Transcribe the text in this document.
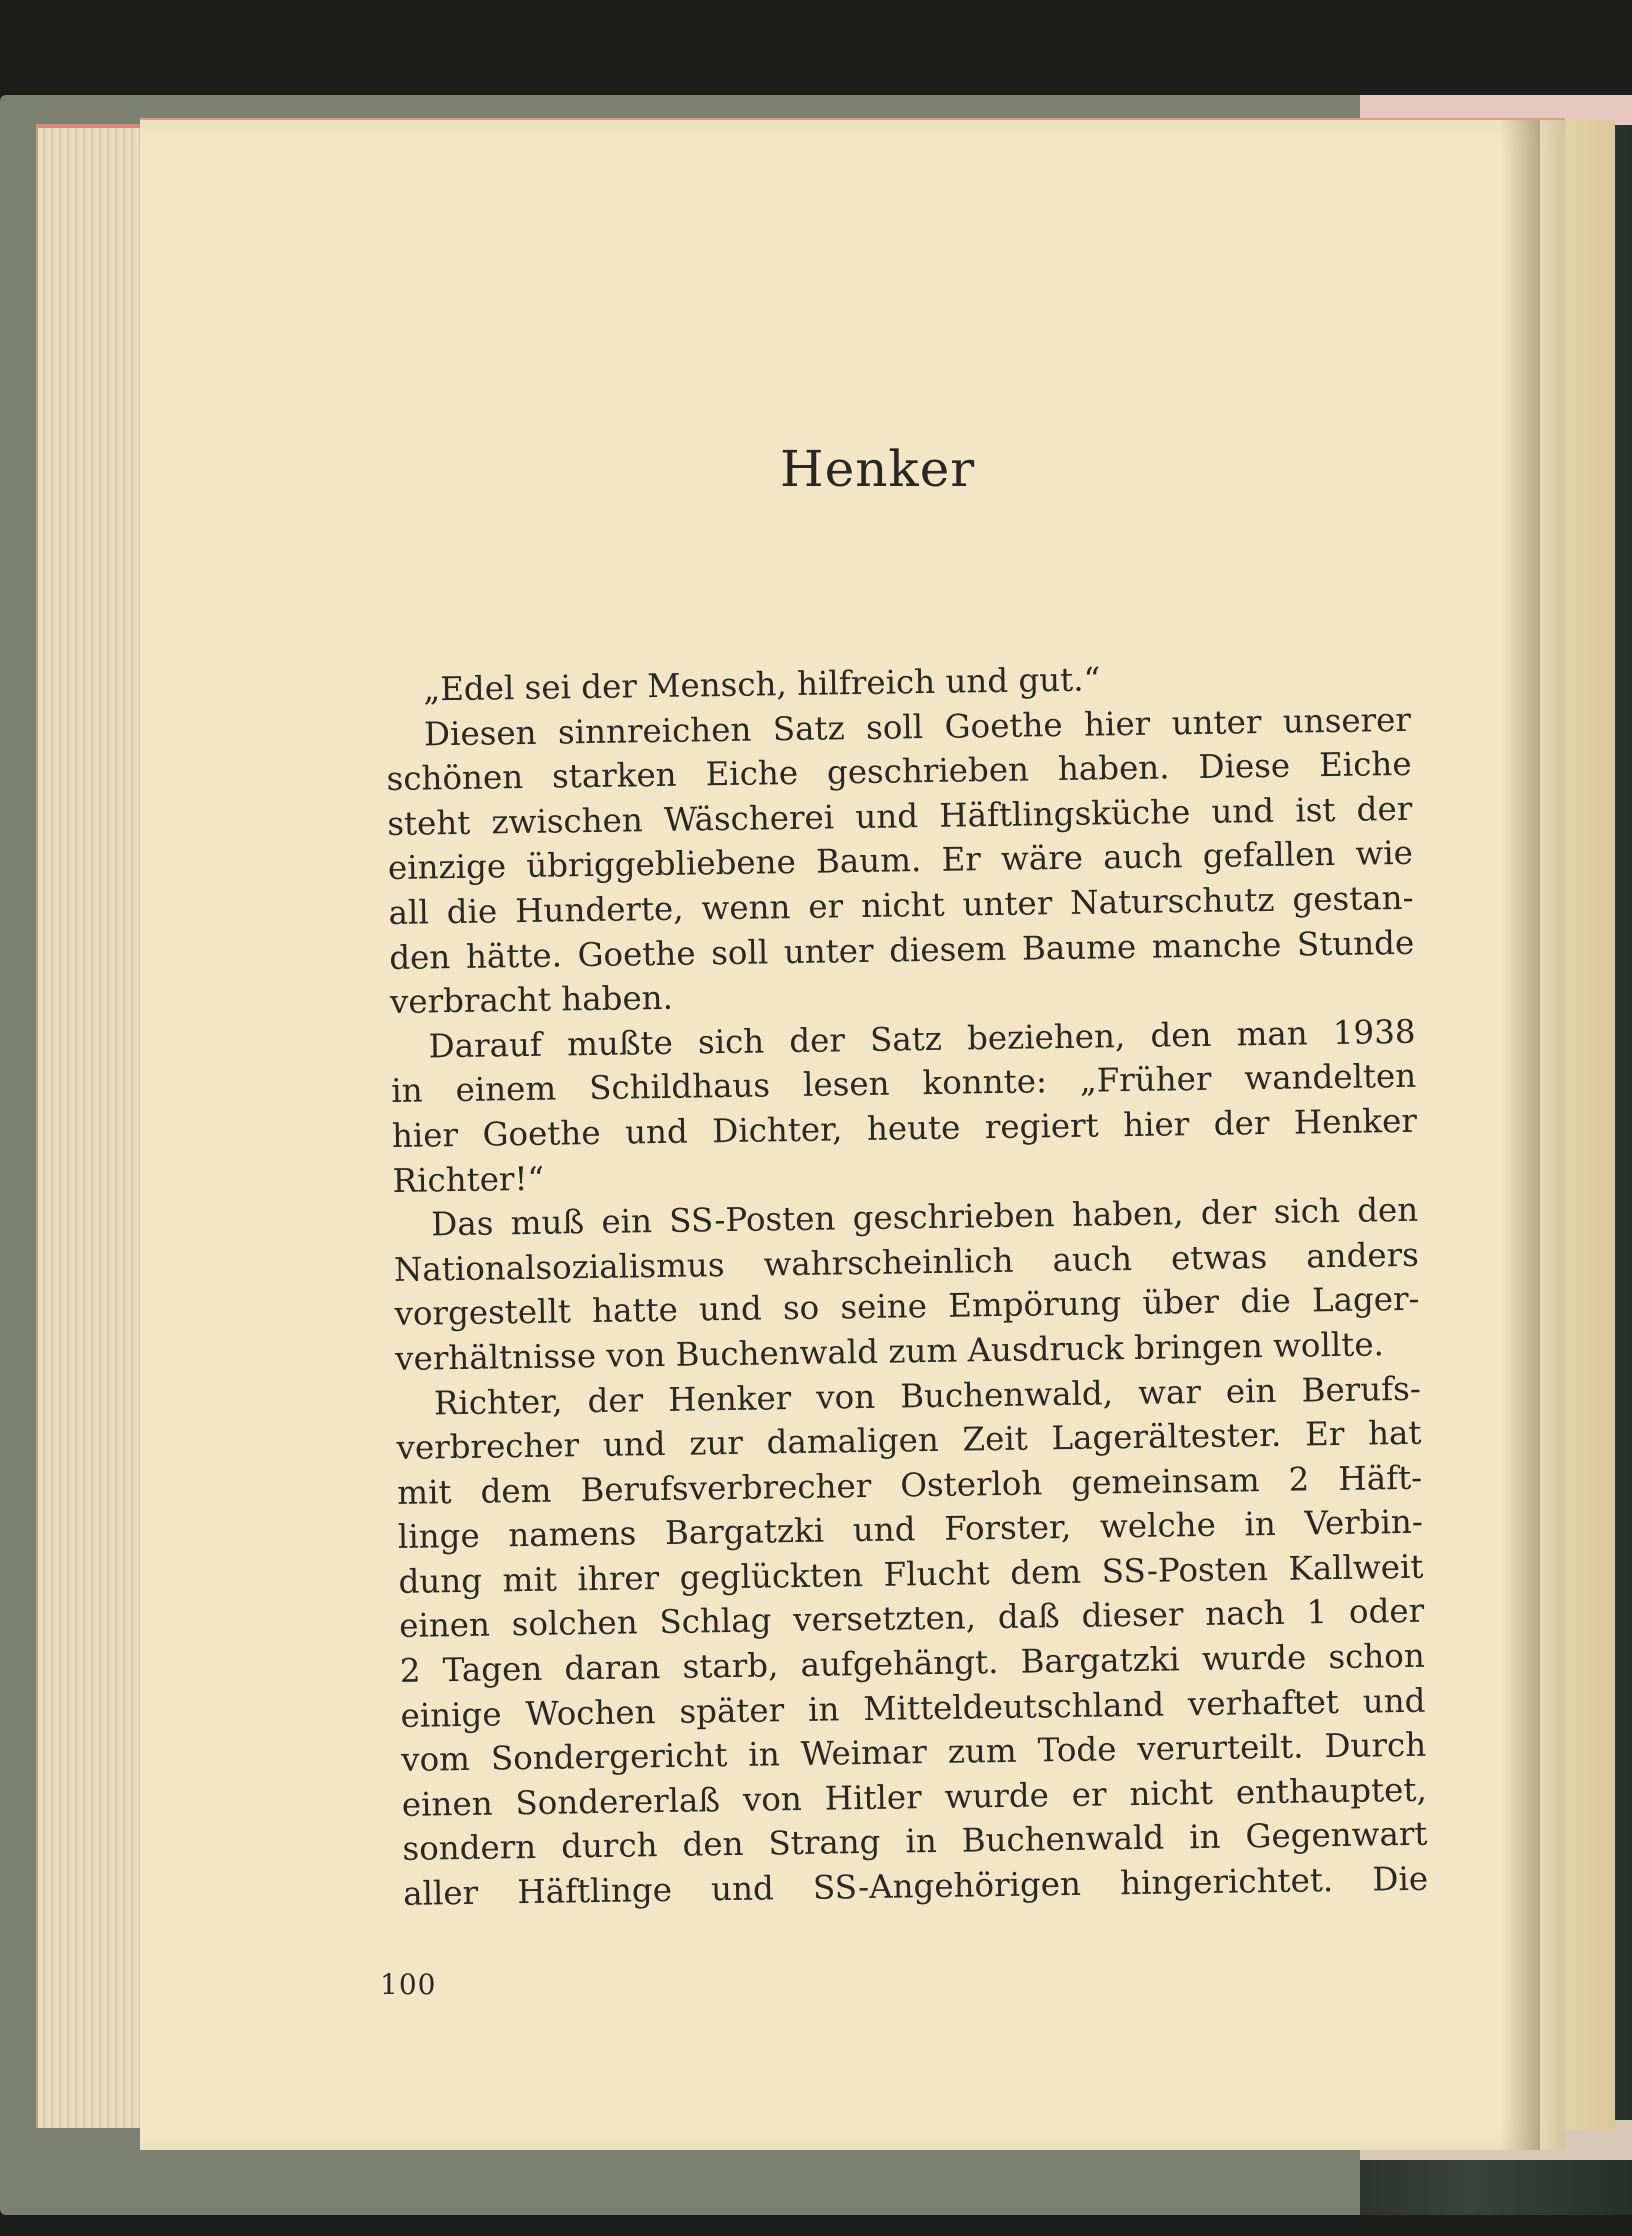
Henker
„Edel sei der Mensch, hilfreich und gut.“
Diesen sinnreichen Satz soll Goethe hier unter unserer
schönen starken Eiche geschrieben haben. Diese Eiche
steht zwischen Wäscherei und Häftlingsküche und ist der
einzige übriggebliebene Baum. Er wäre auch gefallen wie
all die Hunderte, wenn er nicht unter Naturschutz gestan-
den hätte. Goethe soll unter diesem Baume manche Stunde
verbracht haben.
Darauf mußte sich der Satz beziehen, den man 1938
in einem Schildhaus lesen konnte: „Früher wandelten
hier Goethe und Dichter, heute regiert hier der Henker
Richter!“
Das muß ein SS-Posten geschrieben haben, der sich den
Nationalsozialismus wahrscheinlich auch etwas anders
vorgestellt hatte und so seine Empörung über die Lager-
verhältnisse von Buchenwald zum Ausdruck bringen wollte.
Richter, der Henker von Buchenwald, war ein Berufs-
verbrecher und zur damaligen Zeit Lagerältester. Er hat
mit dem Berufsverbrecher Osterloh gemeinsam 2 Häft-
linge namens Bargatzki und Forster, welche in Verbin-
dung mit ihrer geglückten Flucht dem SS-Posten Kallweit
einen solchen Schlag versetzten, daß dieser nach 1 oder
2 Tagen daran starb, aufgehängt. Bargatzki wurde schon
einige Wochen später in Mitteldeutschland verhaftet und
vom Sondergericht in Weimar zum Tode verurteilt. Durch
einen Sondererlaß von Hitler wurde er nicht enthauptet,
sondern durch den Strang in Buchenwald in Gegenwart
aller Häftlinge und SS-Angehörigen hingerichtet. Die
100
